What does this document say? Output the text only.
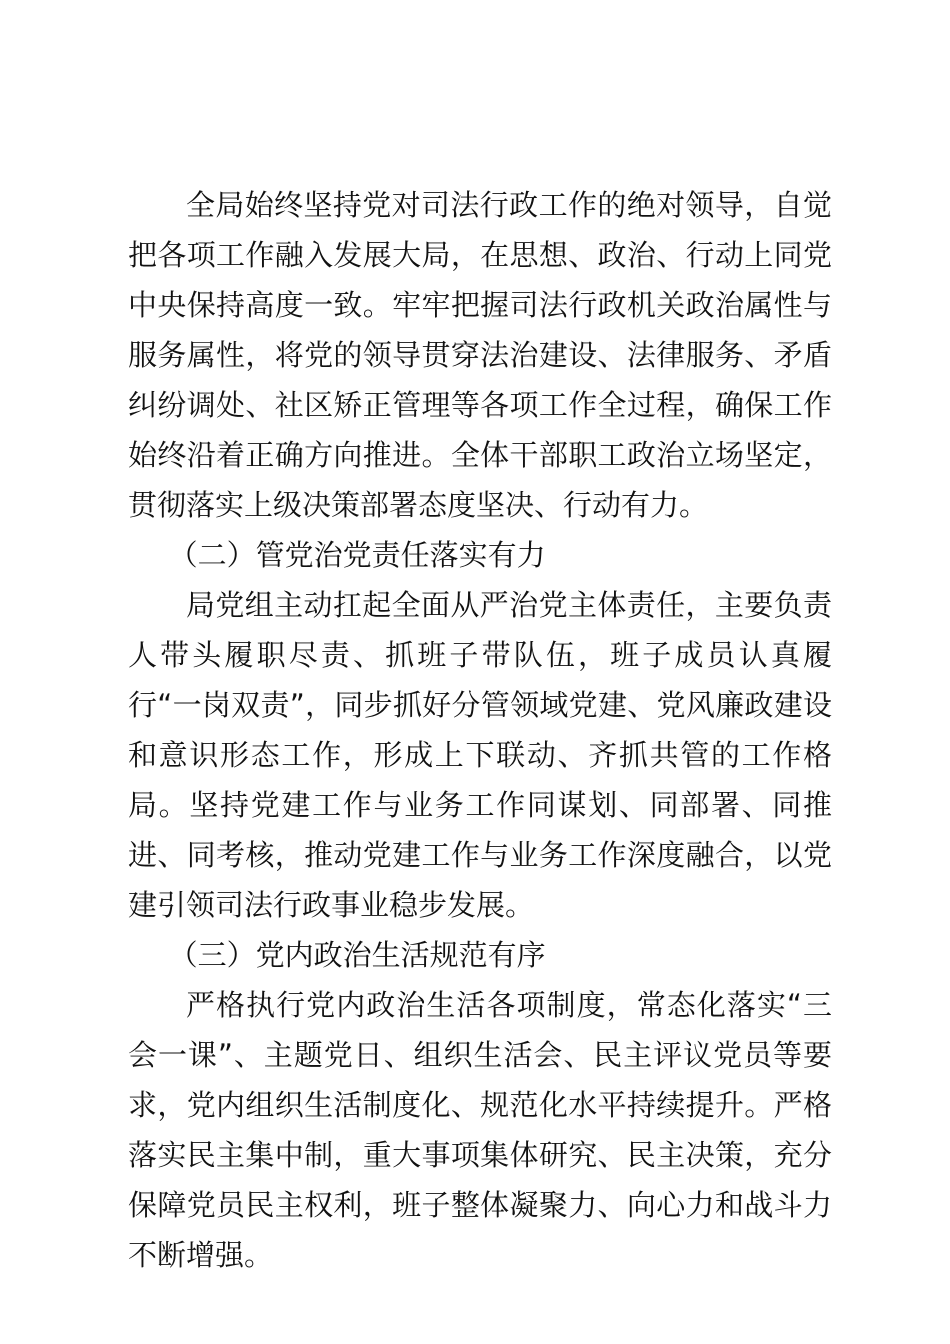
全局始终坚持党对司法行政工作的绝对领导，自觉把各项工作融入发展大局，在思想、政治、行动上同党中央保持高度一致。牢牢把握司法行政机关政治属性与服务属性，将党的领导贯穿法治建设、法律服务、矛盾纠纷调处、社区矫正管理等各项工作全过程，确保工作始终沿着正确方向推进。全体干部职工政治立场坚定，贯彻落实上级决策部署态度坚决、行动有力。

（二）管党治党责任落实有力

局党组主动扛起全面从严治党主体责任，主要负责人带头履职尽责、抓班子带队伍，班子成员认真履行“一岗双责”，同步抓好分管领域党建、党风廉政建设和意识形态工作，形成上下联动、齐抓共管的工作格局。坚持党建工作与业务工作同谋划、同部署、同推进、同考核，推动党建工作与业务工作深度融合，以党建引领司法行政事业稳步发展。

（三）党内政治生活规范有序

严格执行党内政治生活各项制度，常态化落实“三会一课”、主题党日、组织生活会、民主评议党员等要求，党内组织生活制度化、规范化水平持续提升。严格落实民主集中制，重大事项集体研究、民主决策，充分保障党员民主权利，班子整体凝聚力、向心力和战斗力不断增强。
